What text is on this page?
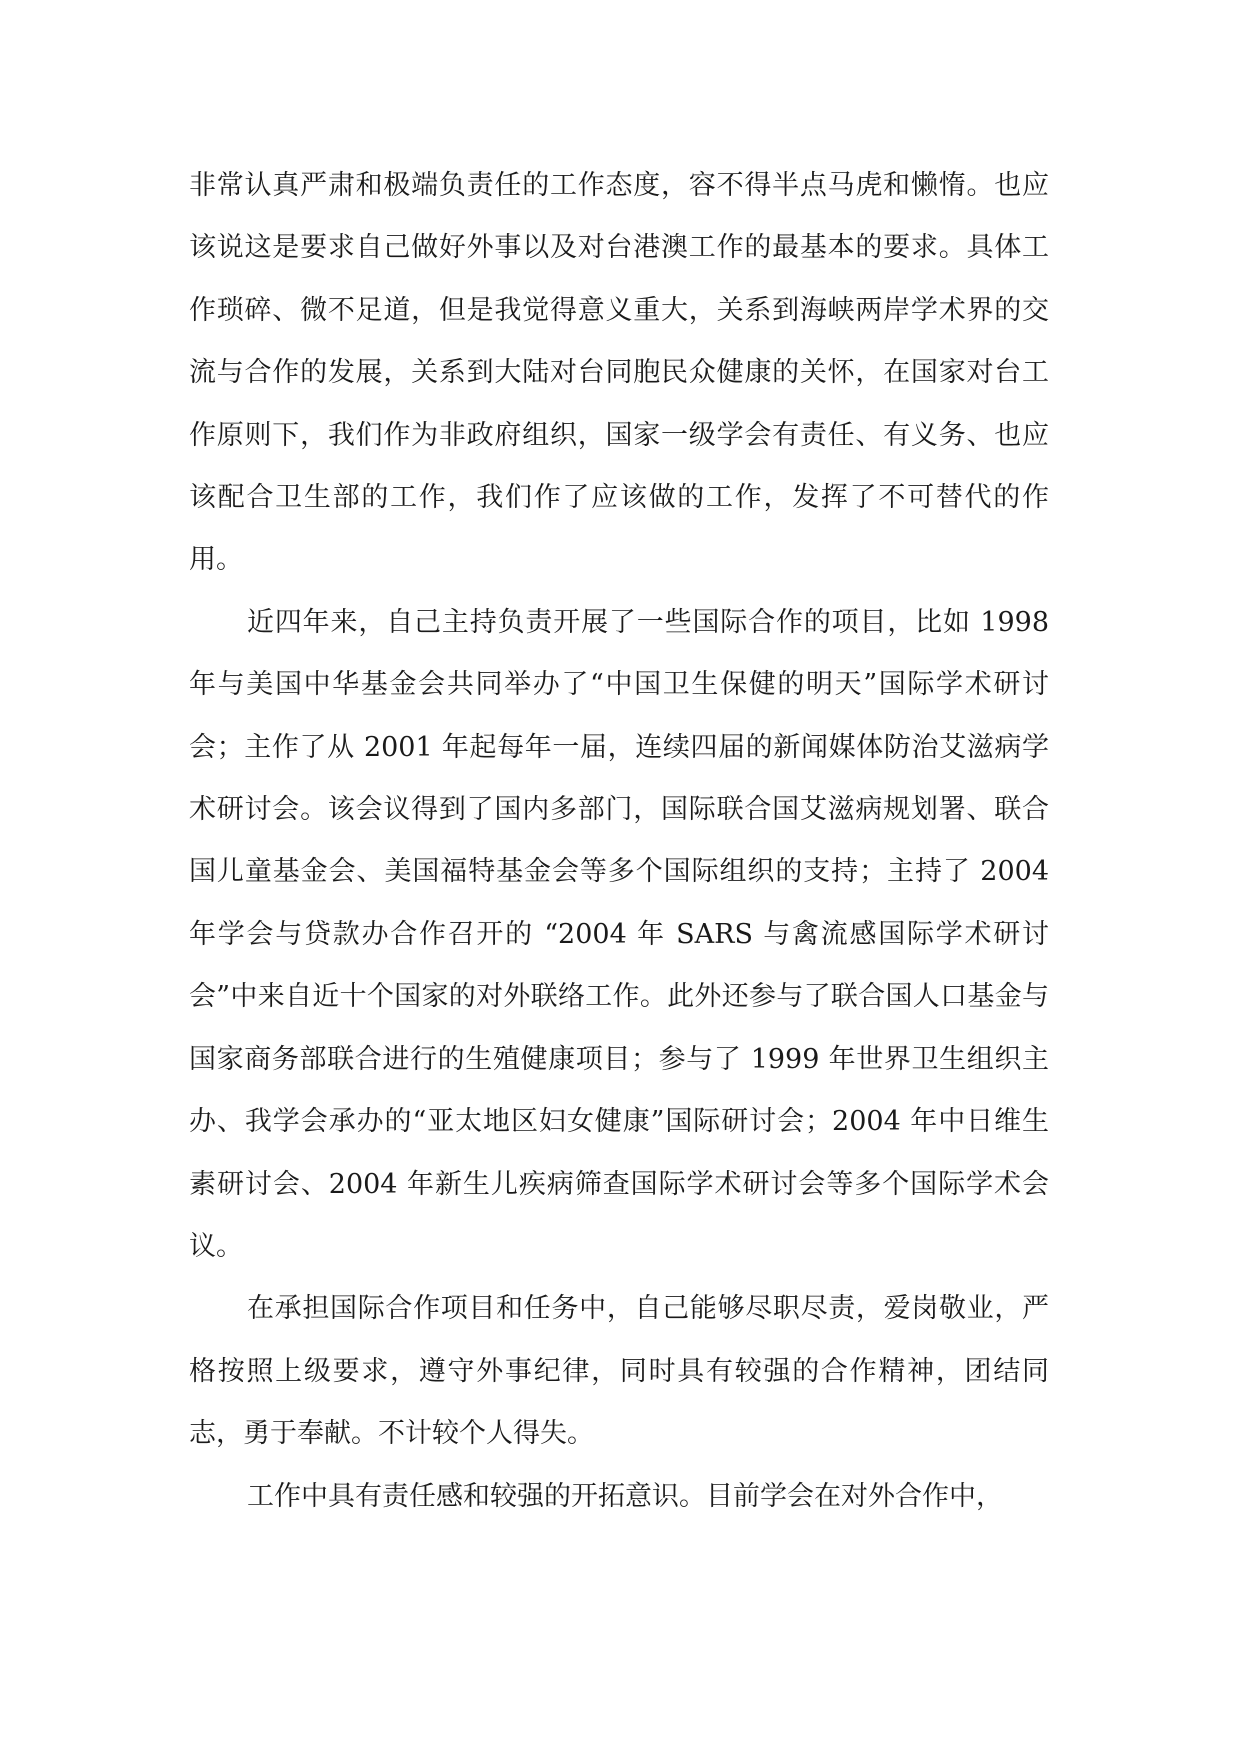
非常认真严肃和极端负责任的工作态度，容不得半点马虎和懒惰。也应该说这是要求自己做好外事以及对台港澳工作的最基本的要求。具体工作琐碎、微不足道，但是我觉得意义重大，关系到海峡两岸学术界的交流与合作的发展，关系到大陆对台同胞民众健康的关怀，在国家对台工作原则下，我们作为非政府组织，国家一级学会有责任、有义务、也应该配合卫生部的工作，我们作了应该做的工作，发挥了不可替代的作用。

近四年来，自己主持负责开展了一些国际合作的项目，比如 1998 年与美国中华基金会共同举办了“中国卫生保健的明天”国际学术研讨会；主作了从 2001 年起每年一届，连续四届的新闻媒体防治艾滋病学术研讨会。该会议得到了国内多部门，国际联合国艾滋病规划署、联合国儿童基金会、美国福特基金会等多个国际组织的支持；主持了 2004 年学会与贷款办合作召开的 “2004 年 SARS 与禽流感国际学术研讨会”中来自近十个国家的对外联络工作。此外还参与了联合国人口基金与国家商务部联合进行的生殖健康项目；参与了 1999 年世界卫生组织主办、我学会承办的“亚太地区妇女健康”国际研讨会；2004 年中日维生素研讨会、2004 年新生儿疾病筛查国际学术研讨会等多个国际学术会议。

在承担国际合作项目和任务中，自己能够尽职尽责，爱岗敬业，严格按照上级要求，遵守外事纪律，同时具有较强的合作精神，团结同志，勇于奉献。不计较个人得失。

工作中具有责任感和较强的开拓意识。目前学会在对外合作中，
